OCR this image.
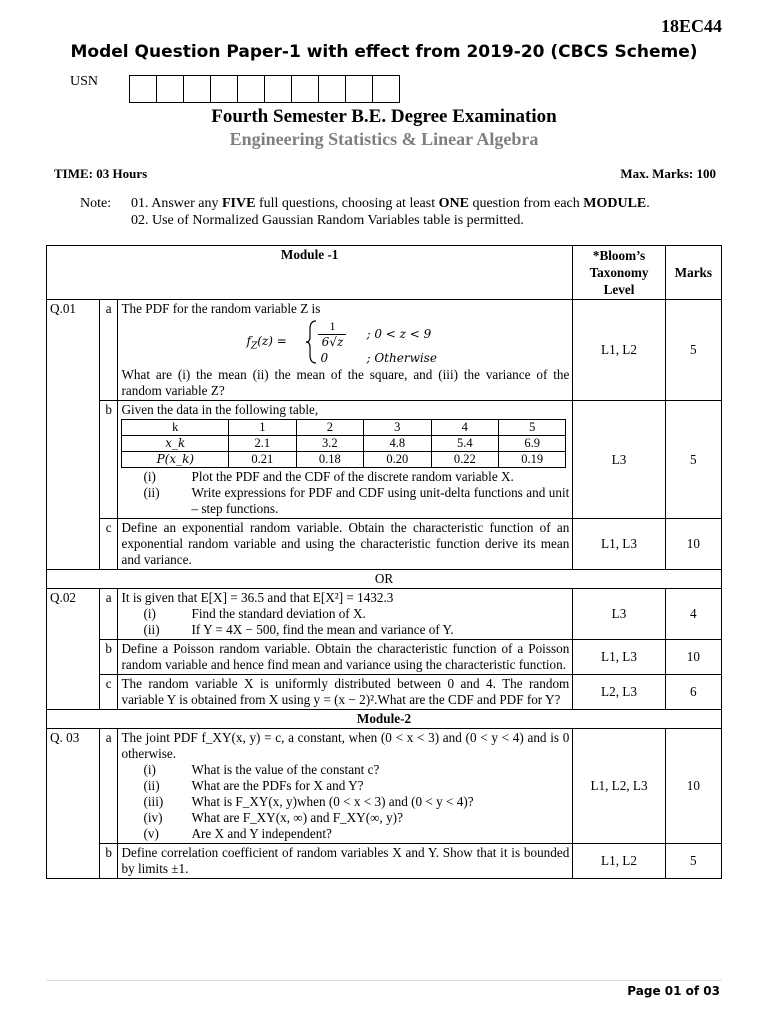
18EC44
Model Question Paper-1 with effect from 2019-20 (CBCS Scheme)
USN
Fourth Semester B.E. Degree Examination
Engineering Statistics & Linear Algebra
TIME: 03 Hours	Max. Marks: 100
Note: 01. Answer any FIVE full questions, choosing at least ONE question from each MODULE.
02. Use of Normalized Gaussian Random Variables table is permitted.
Module -1	*Bloom’s
Taxonomy
Level	Marks
Q.01	a	The PDF for the random variable Z is
$f_Z(z)$ =
1
6√z
; 0 < z < 9
0	; Otherwise
What are (i) the mean (ii) the mean of the square, and (iii) the variance of the random variable Z?
	L1, L2	5
b	Given the data in the following table,
k	1	2	3	4	5
x_k	2.1	3.2	4.8	5.4	6.9
P(x_k)	0.21	0.18	0.20	0.22	0.19
(i)	Plot the PDF and the CDF of the discrete random variable X.
(ii) Write expressions for PDF and CDF using unit-delta functions and unit – step functions.
	L3	5
c	Define an exponential random variable. Obtain the characteristic function of an exponential random variable and using the characteristic function derive its mean and variance.	L1, L3	10
OR
Q.02	a	It is given that E[X] = 36.5 and that E[X²] = 1432.3
(i)	Find the standard deviation of X.
(ii) If Y = 4X − 500, find the mean and variance of Y.
	L3	4
b	Define a Poisson random variable. Obtain the characteristic function of a Poisson random variable and hence find mean and variance using the characteristic function.	L1, L3	10
c	The random variable X is uniformly distributed between 0 and 4. The random variable Y is obtained from X using y = (x − 2)².What are the CDF and PDF for Y?	L2, L3	6
Module-2
Q. 03	a	The joint PDF f_XY(x, y) = c, a constant, when (0 < x < 3) and (0 < y < 4) and is 0 otherwise.
(i)	What is the value of the constant c?
(ii) What are the PDFs for X and Y?
(iii) What is F_XY(x, y)when (0 < x < 3) and (0 < y < 4)?
(iv) What are F_XY(x, ∞) and F_XY(∞, y)?
(v) Are X and Y independent?
	L1, L2, L3	10
b	Define correlation coefficient of random variables X and Y. Show that it is bounded by limits ±1.	L1, L2	5
Page 01 of 03
